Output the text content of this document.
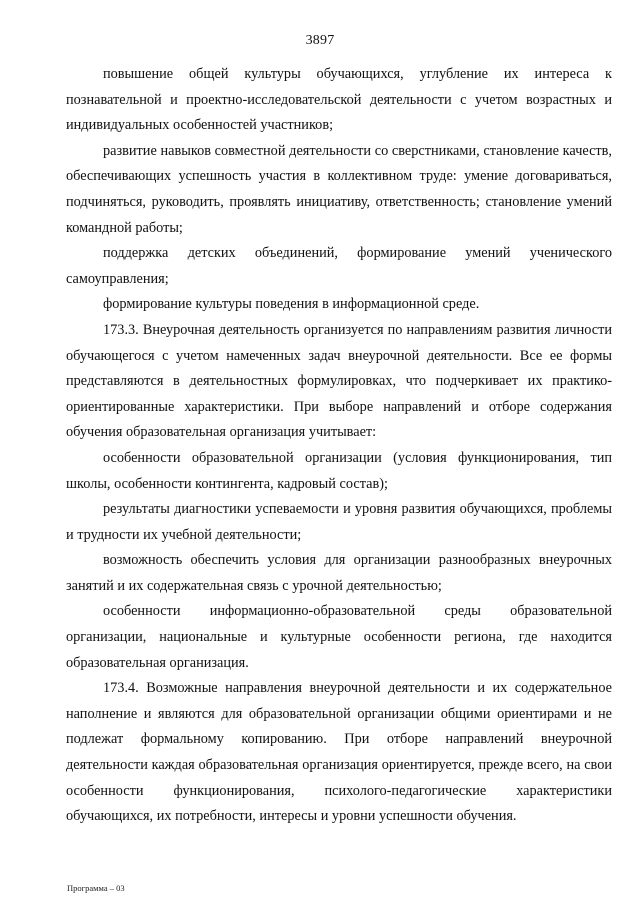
3897

повышение общей культуры обучающихся, углубление их интереса к познавательной и проектно-исследовательской деятельности с учетом возрастных и индивидуальных особенностей участников;

развитие навыков совместной деятельности со сверстниками, становление качеств, обеспечивающих успешность участия в коллективном труде: умение договариваться, подчиняться, руководить, проявлять инициативу, ответственность; становление умений командной работы;

поддержка детских объединений, формирование умений ученического самоуправления;

формирование культуры поведения в информационной среде.

173.3. Внеурочная деятельность организуется по направлениям развития личности обучающегося с учетом намеченных задач внеурочной деятельности. Все ее формы представляются в деятельностных формулировках, что подчеркивает их практико-ориентированные характеристики. При выборе направлений и отборе содержания обучения образовательная организация учитывает:

особенности образовательной организации (условия функционирования, тип школы, особенности контингента, кадровый состав);

результаты диагностики успеваемости и уровня развития обучающихся, проблемы и трудности их учебной деятельности;

возможность обеспечить условия для организации разнообразных внеурочных занятий и их содержательная связь с урочной деятельностью;

особенности информационно-образовательной среды образовательной организации, национальные и культурные особенности региона, где находится образовательная организация.

173.4. Возможные направления внеурочной деятельности и их содержательное наполнение и являются для образовательной организации общими ориентирами и не подлежат формальному копированию. При отборе направлений внеурочной деятельности каждая образовательная организация ориентируется, прежде всего, на свои особенности функционирования, психолого-педагогические характеристики обучающихся, их потребности, интересы и уровни успешности обучения.

Программа – 03
